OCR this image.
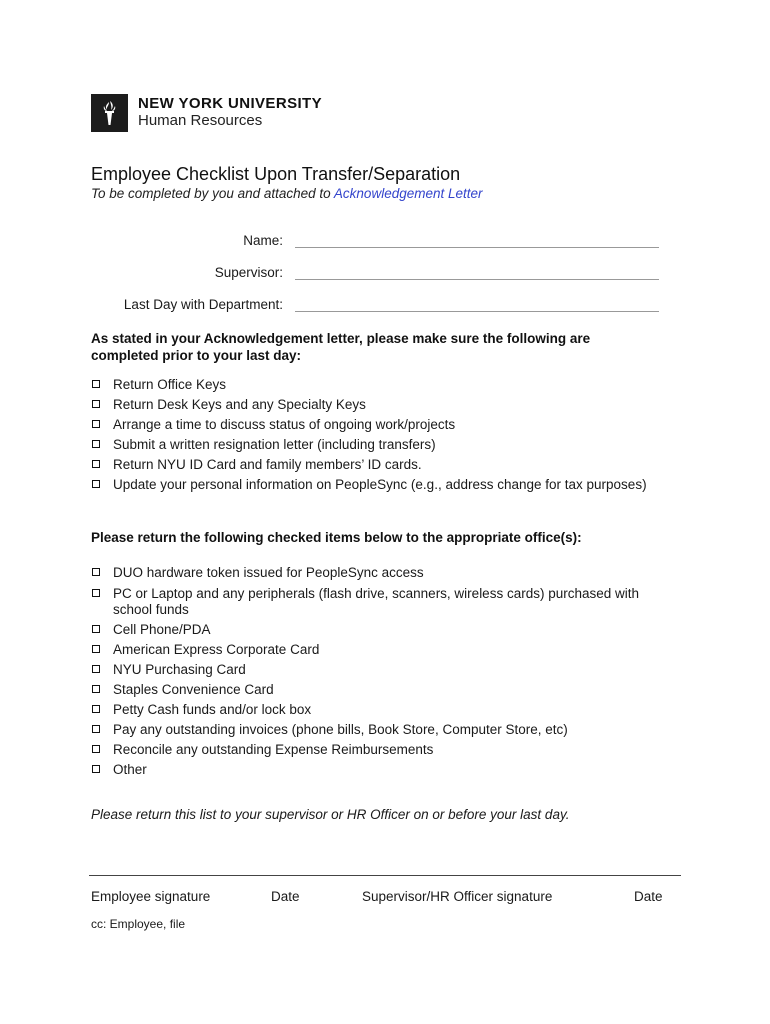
NEW YORK UNIVERSITY
Human Resources
Employee Checklist Upon Transfer/Separation
To be completed by you and attached to Acknowledgement Letter
Name:
Supervisor:
Last Day with Department:
As stated in your Acknowledgement letter, please make sure the following are completed prior to your last day:
Return Office Keys
Return Desk Keys and any Specialty Keys
Arrange a time to discuss status of ongoing work/projects
Submit a written resignation letter (including transfers)
Return NYU ID Card and family members’ ID cards.
Update your personal information on PeopleSync (e.g., address change for tax purposes)
Please return the following checked items below to the appropriate office(s):
DUO hardware token issued for PeopleSync access
PC or Laptop and any peripherals (flash drive, scanners, wireless cards) purchased with school funds
Cell Phone/PDA
American Express Corporate Card
NYU Purchasing Card
Staples Convenience Card
Petty Cash funds and/or lock box
Pay any outstanding invoices (phone bills, Book Store, Computer Store, etc)
Reconcile any outstanding Expense Reimbursements
Other
Please return this list to your supervisor or HR Officer on or before your last day.
Employee signature	Date	Supervisor/HR Officer signature	Date
cc: Employee, file
